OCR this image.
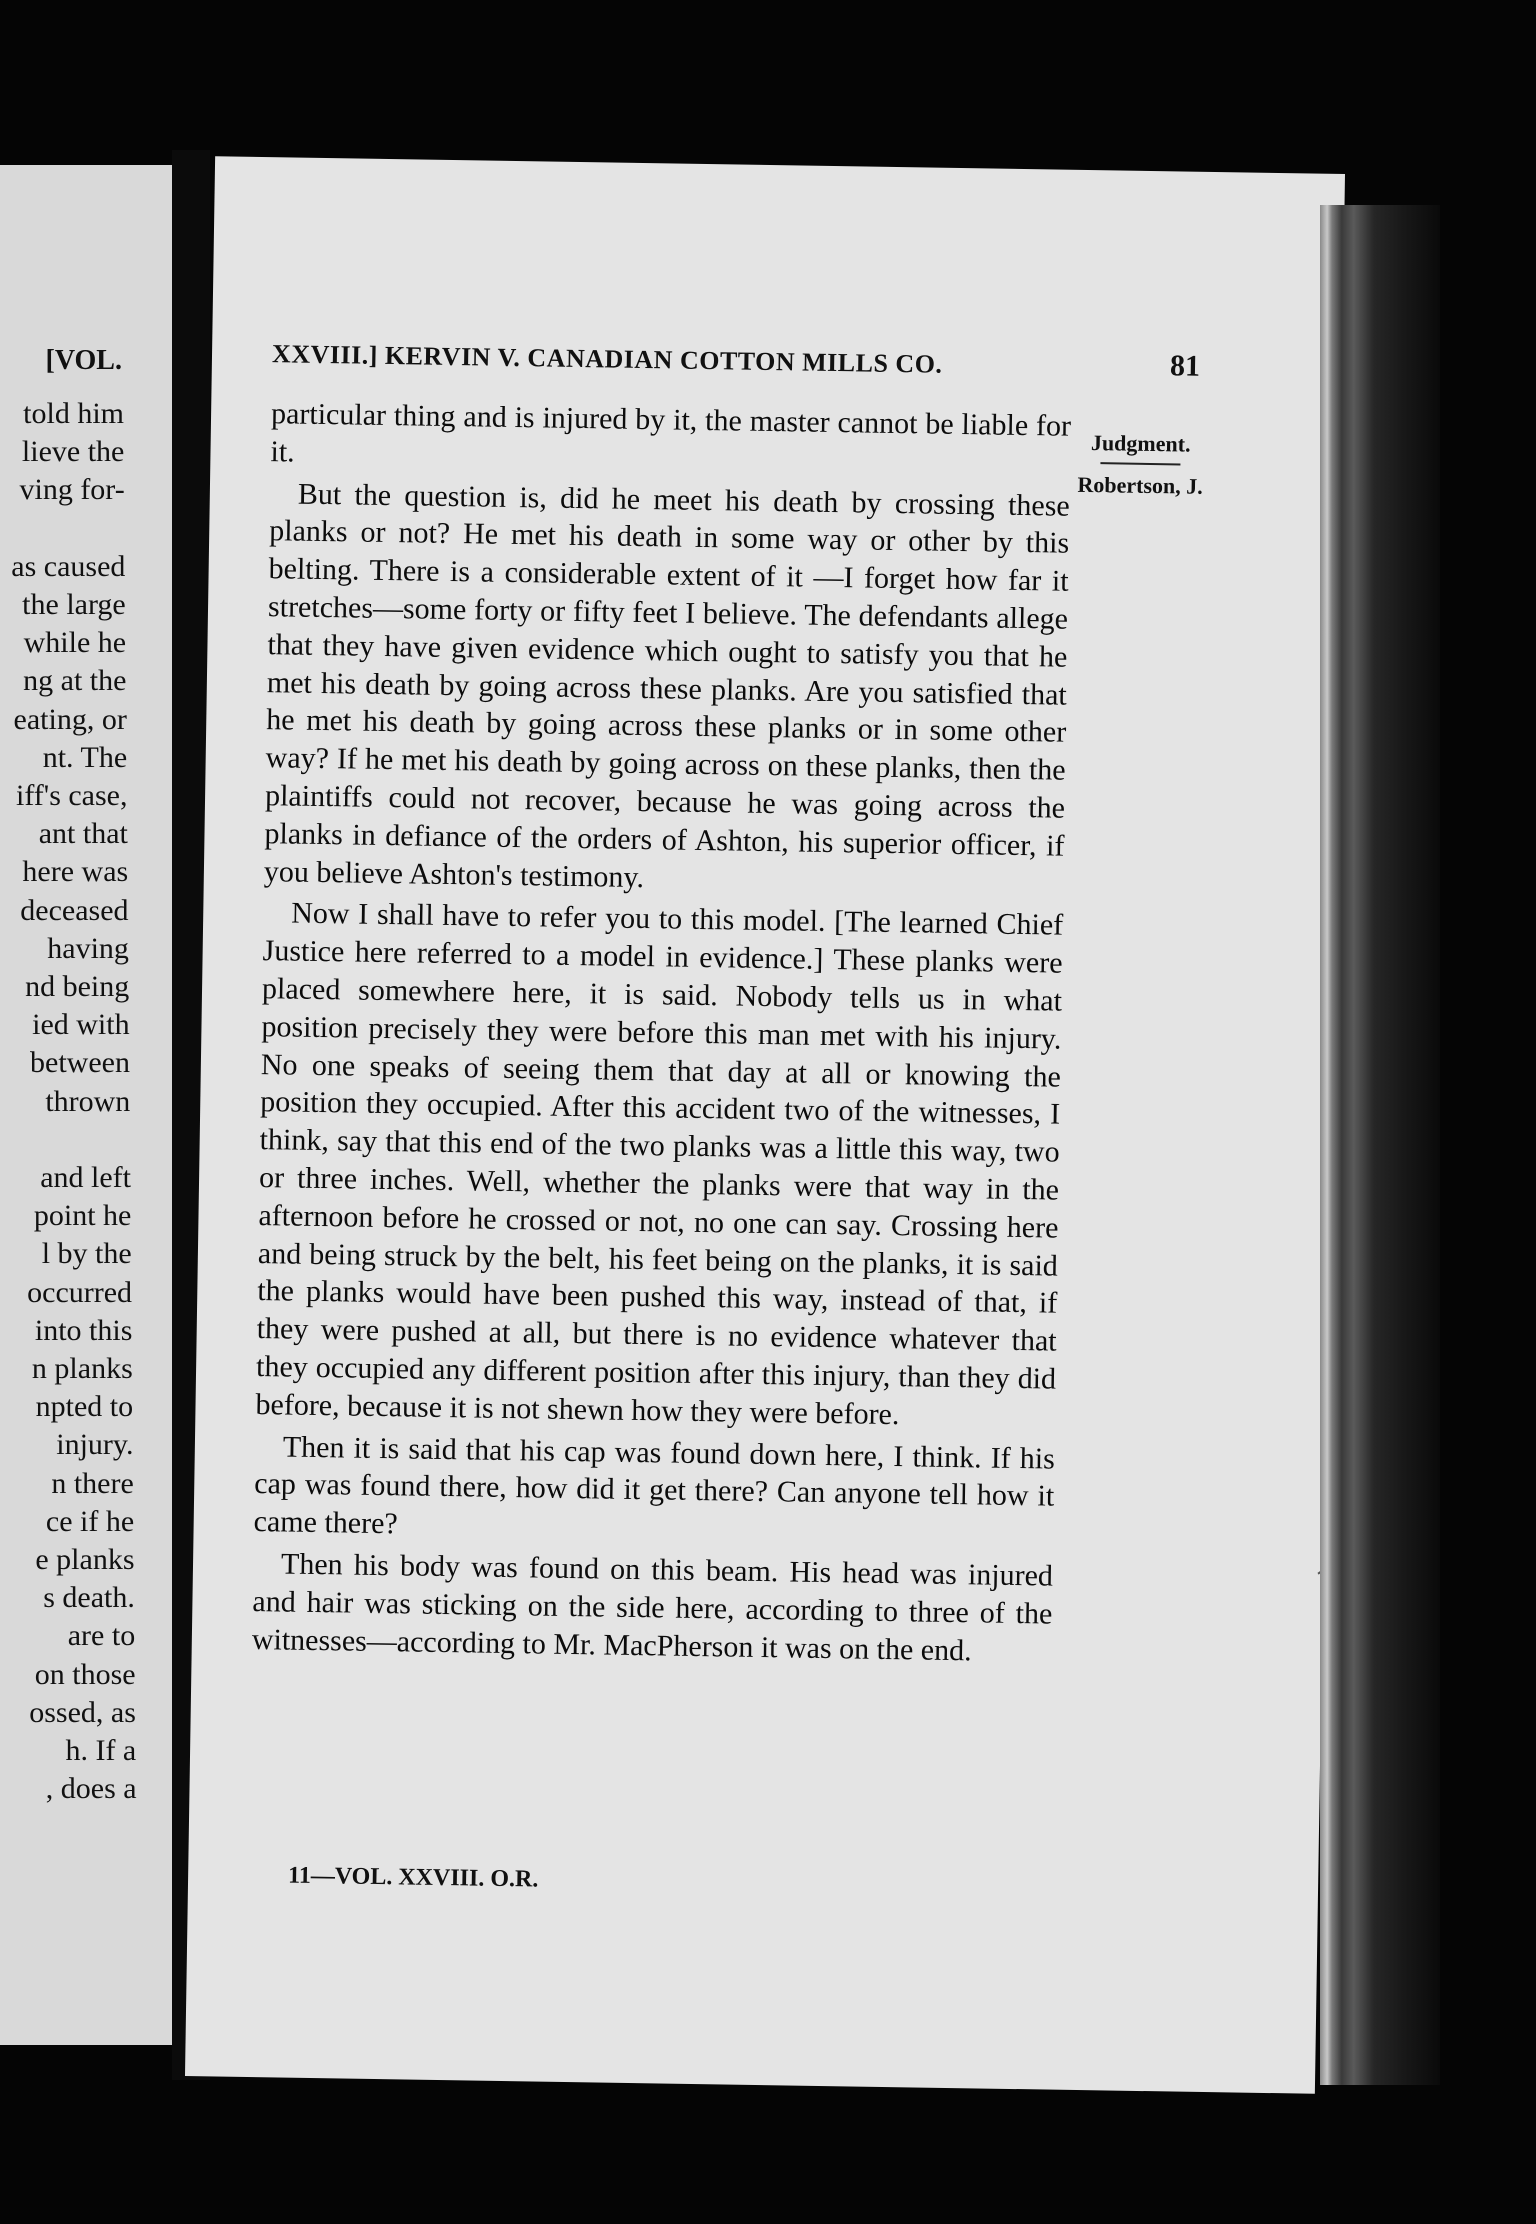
[VOL.
told him
lieve the
ving for-
as caused
the large
while he
ng at the
eating, or
nt. The
iff's case,
ant that
here was
deceased
having
nd being
ied with
between
thrown
and left
point he
l by the
occurred
into this
n planks
npted to
injury.
n there
ce if he
e planks
s death.
are to
on those
ossed, as
h. If a
, does a
XXVIII.] KERVIN V. CANADIAN COTTON MILLS CO.	81
Judgment.
Robertson, J.

particular thing and is injured by it, the master cannot be liable for it.

But the question is, did he meet his death by crossing these planks or not? He met his death in some way or other by this belting. There is a considerable extent of it —I forget how far it stretches—some forty or fifty feet I believe. The defendants allege that they have given evidence which ought to satisfy you that he met his death by going across these planks. Are you satisfied that he met his death by going across these planks or in some other way? If he met his death by going across on these planks, then the plaintiffs could not recover, because he was going across the planks in defiance of the orders of Ashton, his superior officer, if you believe Ashton's testimony.

Now I shall have to refer you to this model. [The learned Chief Justice here referred to a model in evidence.] These planks were placed somewhere here, it is said. Nobody tells us in what position precisely they were before this man met with his injury. No one speaks of seeing them that day at all or knowing the position they occupied. After this accident two of the witnesses, I think, say that this end of the two planks was a little this way, two or three inches. Well, whether the planks were that way in the afternoon before he crossed or not, no one can say. Crossing here and being struck by the belt, his feet being on the planks, it is said the planks would have been pushed this way, instead of that, if they were pushed at all, but there is no evidence whatever that they occupied any different position after this injury, than they did before, because it is not shewn how they were before.

Then it is said that his cap was found down here, I think. If his cap was found there, how did it get there? Can anyone tell how it came there?

Then his body was found on this beam. His head was injured and hair was sticking on the side here, according to three of the witnesses—according to Mr. MacPherson it was on the end.

11—VOL. XXVIII. O.R.
